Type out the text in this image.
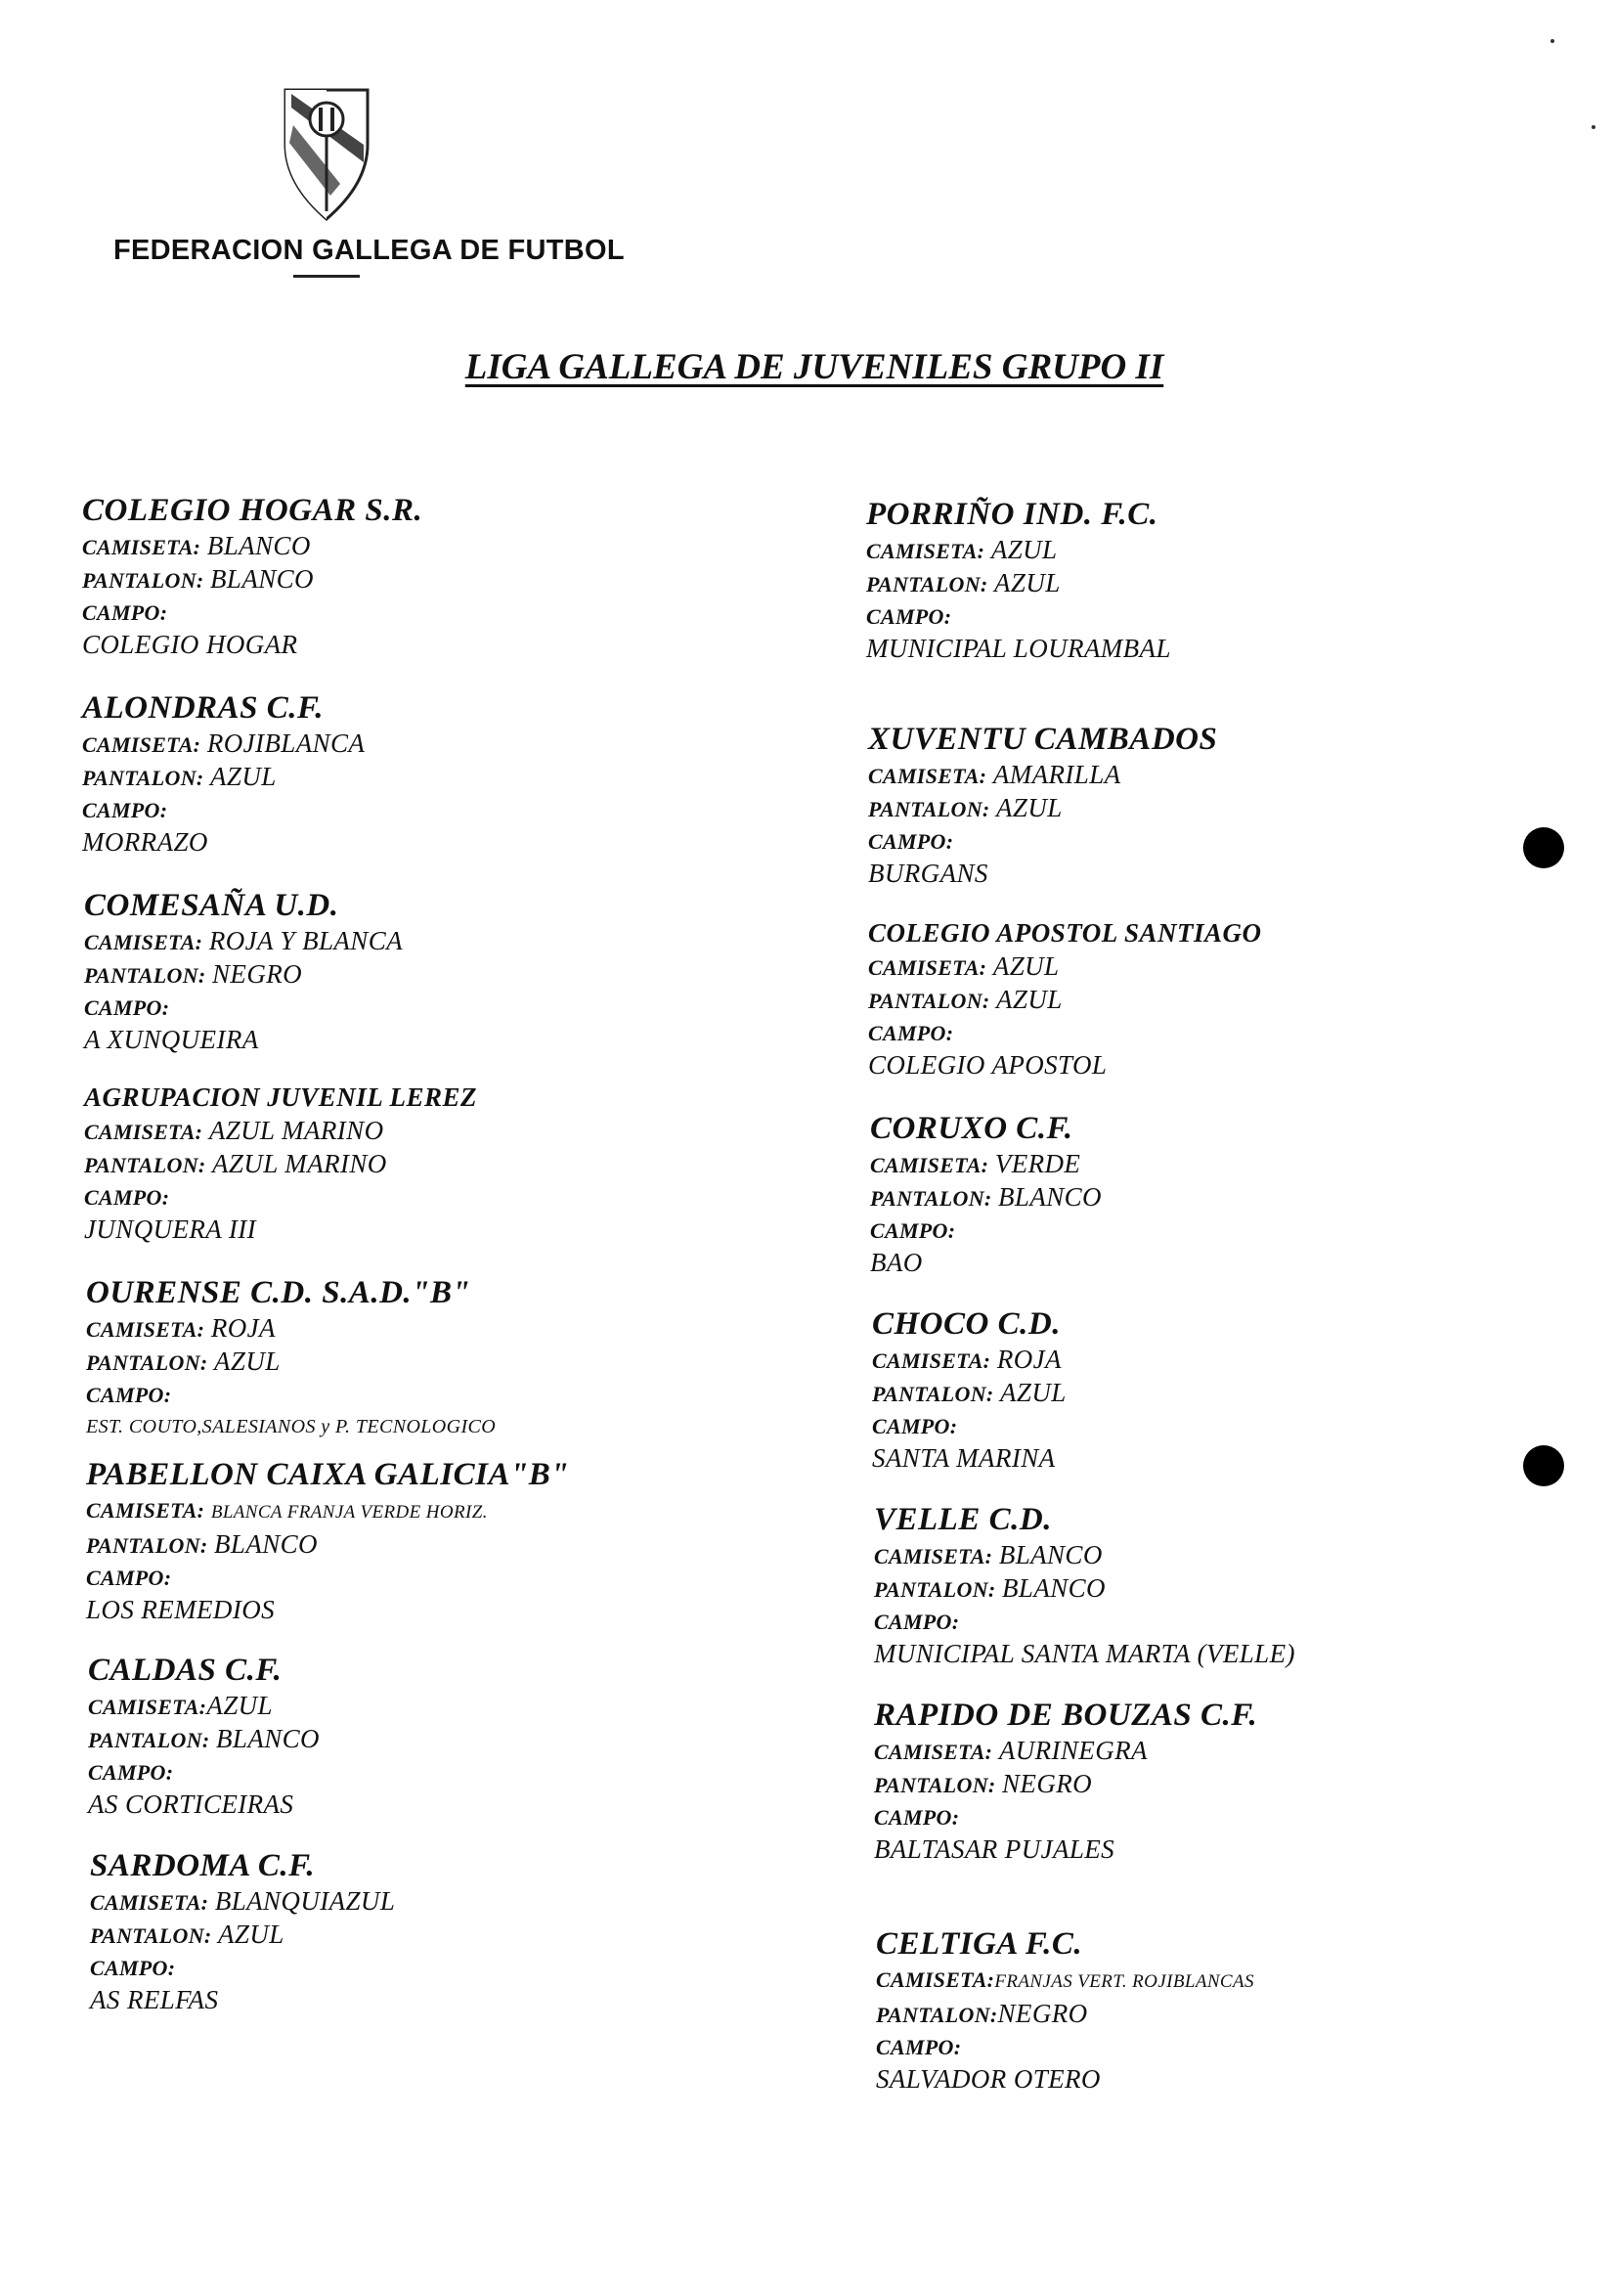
FEDERACION GALLEGA DE FUTBOL
LIGA GALLEGA DE JUVENILES GRUPO II
COLEGIO HOGAR S.R.
CAMISETA: BLANCO
PANTALON: BLANCO
CAMPO:
COLEGIO HOGAR
ALONDRAS C.F.
CAMISETA: ROJIBLANCA
PANTALON: AZUL
CAMPO:
MORRAZO
COMESAÑA U.D.
CAMISETA: ROJA Y BLANCA
PANTALON: NEGRO
CAMPO:
A XUNQUEIRA
AGRUPACION JUVENIL LEREZ
CAMISETA: AZUL MARINO
PANTALON: AZUL MARINO
CAMPO:
JUNQUERA III
OURENSE C.D. S.A.D."B"
CAMISETA: ROJA
PANTALON: AZUL
CAMPO:
EST. COUTO,SALESIANOS y P. TECNOLOGICO
PABELLON CAIXA GALICIA"B"
CAMISETA: BLANCA FRANJA VERDE HORIZ.
PANTALON: BLANCO
CAMPO:
LOS REMEDIOS
CALDAS C.F.
CAMISETA:AZUL
PANTALON: BLANCO
CAMPO:
AS CORTICEIRAS
SARDOMA C.F.
CAMISETA: BLANQUIAZUL
PANTALON: AZUL
CAMPO:
AS RELFAS
PORRIÑO IND. F.C.
CAMISETA: AZUL
PANTALON: AZUL
CAMPO:
MUNICIPAL LOURAMBAL
XUVENTU CAMBADOS
CAMISETA: AMARILLA
PANTALON: AZUL
CAMPO:
BURGANS
COLEGIO APOSTOL SANTIAGO
CAMISETA: AZUL
PANTALON: AZUL
CAMPO:
COLEGIO APOSTOL
CORUXO C.F.
CAMISETA: VERDE
PANTALON: BLANCO
CAMPO:
BAO
CHOCO C.D.
CAMISETA: ROJA
PANTALON: AZUL
CAMPO:
SANTA MARINA
VELLE C.D.
CAMISETA: BLANCO
PANTALON: BLANCO
CAMPO:
MUNICIPAL SANTA MARTA (VELLE)
RAPIDO DE BOUZAS C.F.
CAMISETA: AURINEGRA
PANTALON: NEGRO
CAMPO:
BALTASAR PUJALES
CELTIGA F.C.
CAMISETA:FRANJAS VERT. ROJIBLANCAS
PANTALON:NEGRO
CAMPO:
SALVADOR OTERO
